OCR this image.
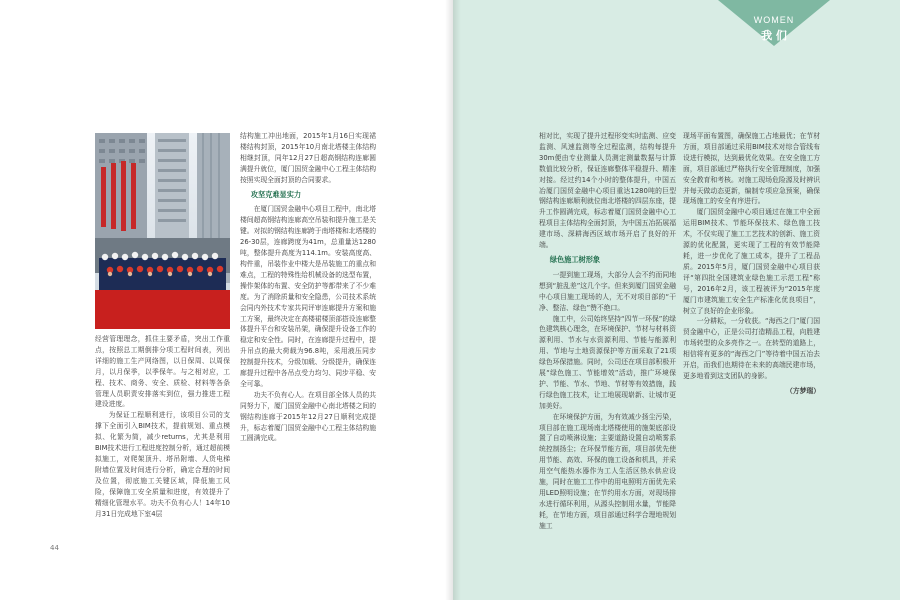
WOMEN
我 们

经营管理理念，抓住主要矛盾，突出工作重点，按照总工期倒排分项工程时间表，列出详细的施工生产网络图，以日保周、以周保月，以月保季，以季保年。与之相对应，工程、技术、商务、安全、质检、材料等各条管理人员职责安排落实到位，强力推进工程建设进度。

为保证工程顺利进行，该项目公司的支撑下全面引入BIM技术，提前规划、重点模拟、化繁为简，减少returns，尤其是利用BIM技术进行工程进度控制分析，通过超前模拟施工，对爬架顶升、塔吊附墙、人货电梯附墙位置及时间进行分析，确定合理的时间及位置，彻底施工关键区域，降低施工风险，保障施工安全质量和进度，有效提升了精细化管理水平。功夫不负有心人！14年10月31日完成地下室4层

结构施工冲出地面，2015年1月16日实现裙楼结构封顶，2015年10月南北塔楼主体结构相继封顶，同年12月27日超高钢结构连廊圆满提升就位，厦门国贸金融中心工程主体结构按照实现全面封顶的合同要求。

攻坚克难显实力

在厦门国贸金融中心项目工程中，南北塔楼间超高钢结构连廊高空吊装和提升施工是关键。对拟的钢结构连廊跨于南塔楼和北塔楼的26-30层，连廊跨度为41m，总重量达1280吨，整体提升高度为114.1m。安装高度高、构件重，吊装作业中楼大是吊装施工的重点和难点，工程的特殊性给机械设备的选型布置，操作架体的布置、安全防护等都带来了不少难度。为了消除质量和安全隐患，公司技术系统会同内外技术专家共同评审连廊提升方案和施工方案，最终决定在高楼裙楼顶部搭设连廊整体提升平台和安装吊架，确保提升设备工作的稳定和安全性。同时，在连廊提升过程中，提升吊点的最大荷载为96.8吨，采用液压同步控制提升技术，分级加载、分级提升，确保连廊提升过程中各吊点受力均匀、同步平稳、安全可靠。

功夫不负有心人。在项目部全体人员的共同努力下，厦门国贸金融中心南北塔楼之间的钢结构连廊于2015年12月27日顺利完成提升，标志着厦门国贸金融中心工程主体结构施工圆满完成。

相对比，实现了提升过程形变实时监测、应变监测、风速监测等全过程监测，结构每提升30m便由专业测量人员测定测量数据与计算数值比较分析，保证连廊整体平稳提升、精准对接。经过约14个小时的整体提升，中国五冶厦门国贸金融中心项目重达1280吨的巨型钢结构连廊顺利就位南北塔楼的四层东座，提升工作圆满完成，标志着厦门国贸金融中心工程项目主体结构全面封顶，为中国五冶拓展福建市场、深耕海西区域市场开启了良好的开端。

绿色施工树形象

一提到施工现场，大部分人会不约而同地想到“脏乱差”这几个字。但来到厦门国贸金融中心项目施工现场的人，无不对项目部的“干净、整洁、绿色”赞不绝口。

施工中，公司始终坚持“四节一环保”的绿色建筑核心理念，在环境保护、节材与材料资源利用、节水与水资源利用、节能与能源利用、节地与土地资源保护等方面采取了21项绿色环保措施。同时，公司还在项目部积极开展“绿色施工、节能增效”活动，推广环境保护、节能、节水、节地、节材等有效措施，践行绿色施工技术，让工地展现崭新、让城市更加美好。

在环境保护方面，为有效减少扬尘污染，项目部在施工现场南北塔楼使用的施架底部设置了自动喷淋设施；主要道路设置自动喷雾系统控制扬尘；在环保节能方面，项目部优先使用节能、高效、环保的施工设备和机具，并采用空气能热水器作为工人生活区热水供应设施，同时在施工工作中的用电照明方面优先采用LED照明设施；在节约用水方面，对现场排水进行循环利用，从源头控制用水量，节能降耗，在节地方面，项目部通过科学合理地规划施工

现场平面布置图，确保施工占地最优；在节材方面，项目部通过采用BIM技术对综合管线布设进行模拟，达到最优化效果。在安全施工方面，项目部通过严格执行安全管理制度，加强安全教育和考核。对施工现场危险源及时辨识并每天做动态更新，编制专项应急预案，确保现场施工的安全有序进行。

厦门国贸金融中心项目通过在施工中全面运用BIM技术、节能环保技术、绿色施工技术，不仅实现了施工工艺技术的创新、施工资源的优化配置，更实现了工程的有效节能降耗，进一步优化了施工成本，提升了工程品质。2015年5月，厦门国贸金融中心项目获评“第四批全国建筑业绿色施工示范工程”称号，2016年2月，该工程被评为“2015年度厦门市建筑施工安全生产标准化优良项目”，树立了良好的企业形象。

一分耕耘，一分收获。“海西之门”厦门国贸金融中心，正是公司打造精品工程，向胜建市场转型的众多亮作之一。在转型的道路上，相信将有更多的“海西之门”等待着中国五冶去开启，而我们也期待在未来的高端民建市场，更多地看到这支团队的身影。

（方梦瑞）

44
